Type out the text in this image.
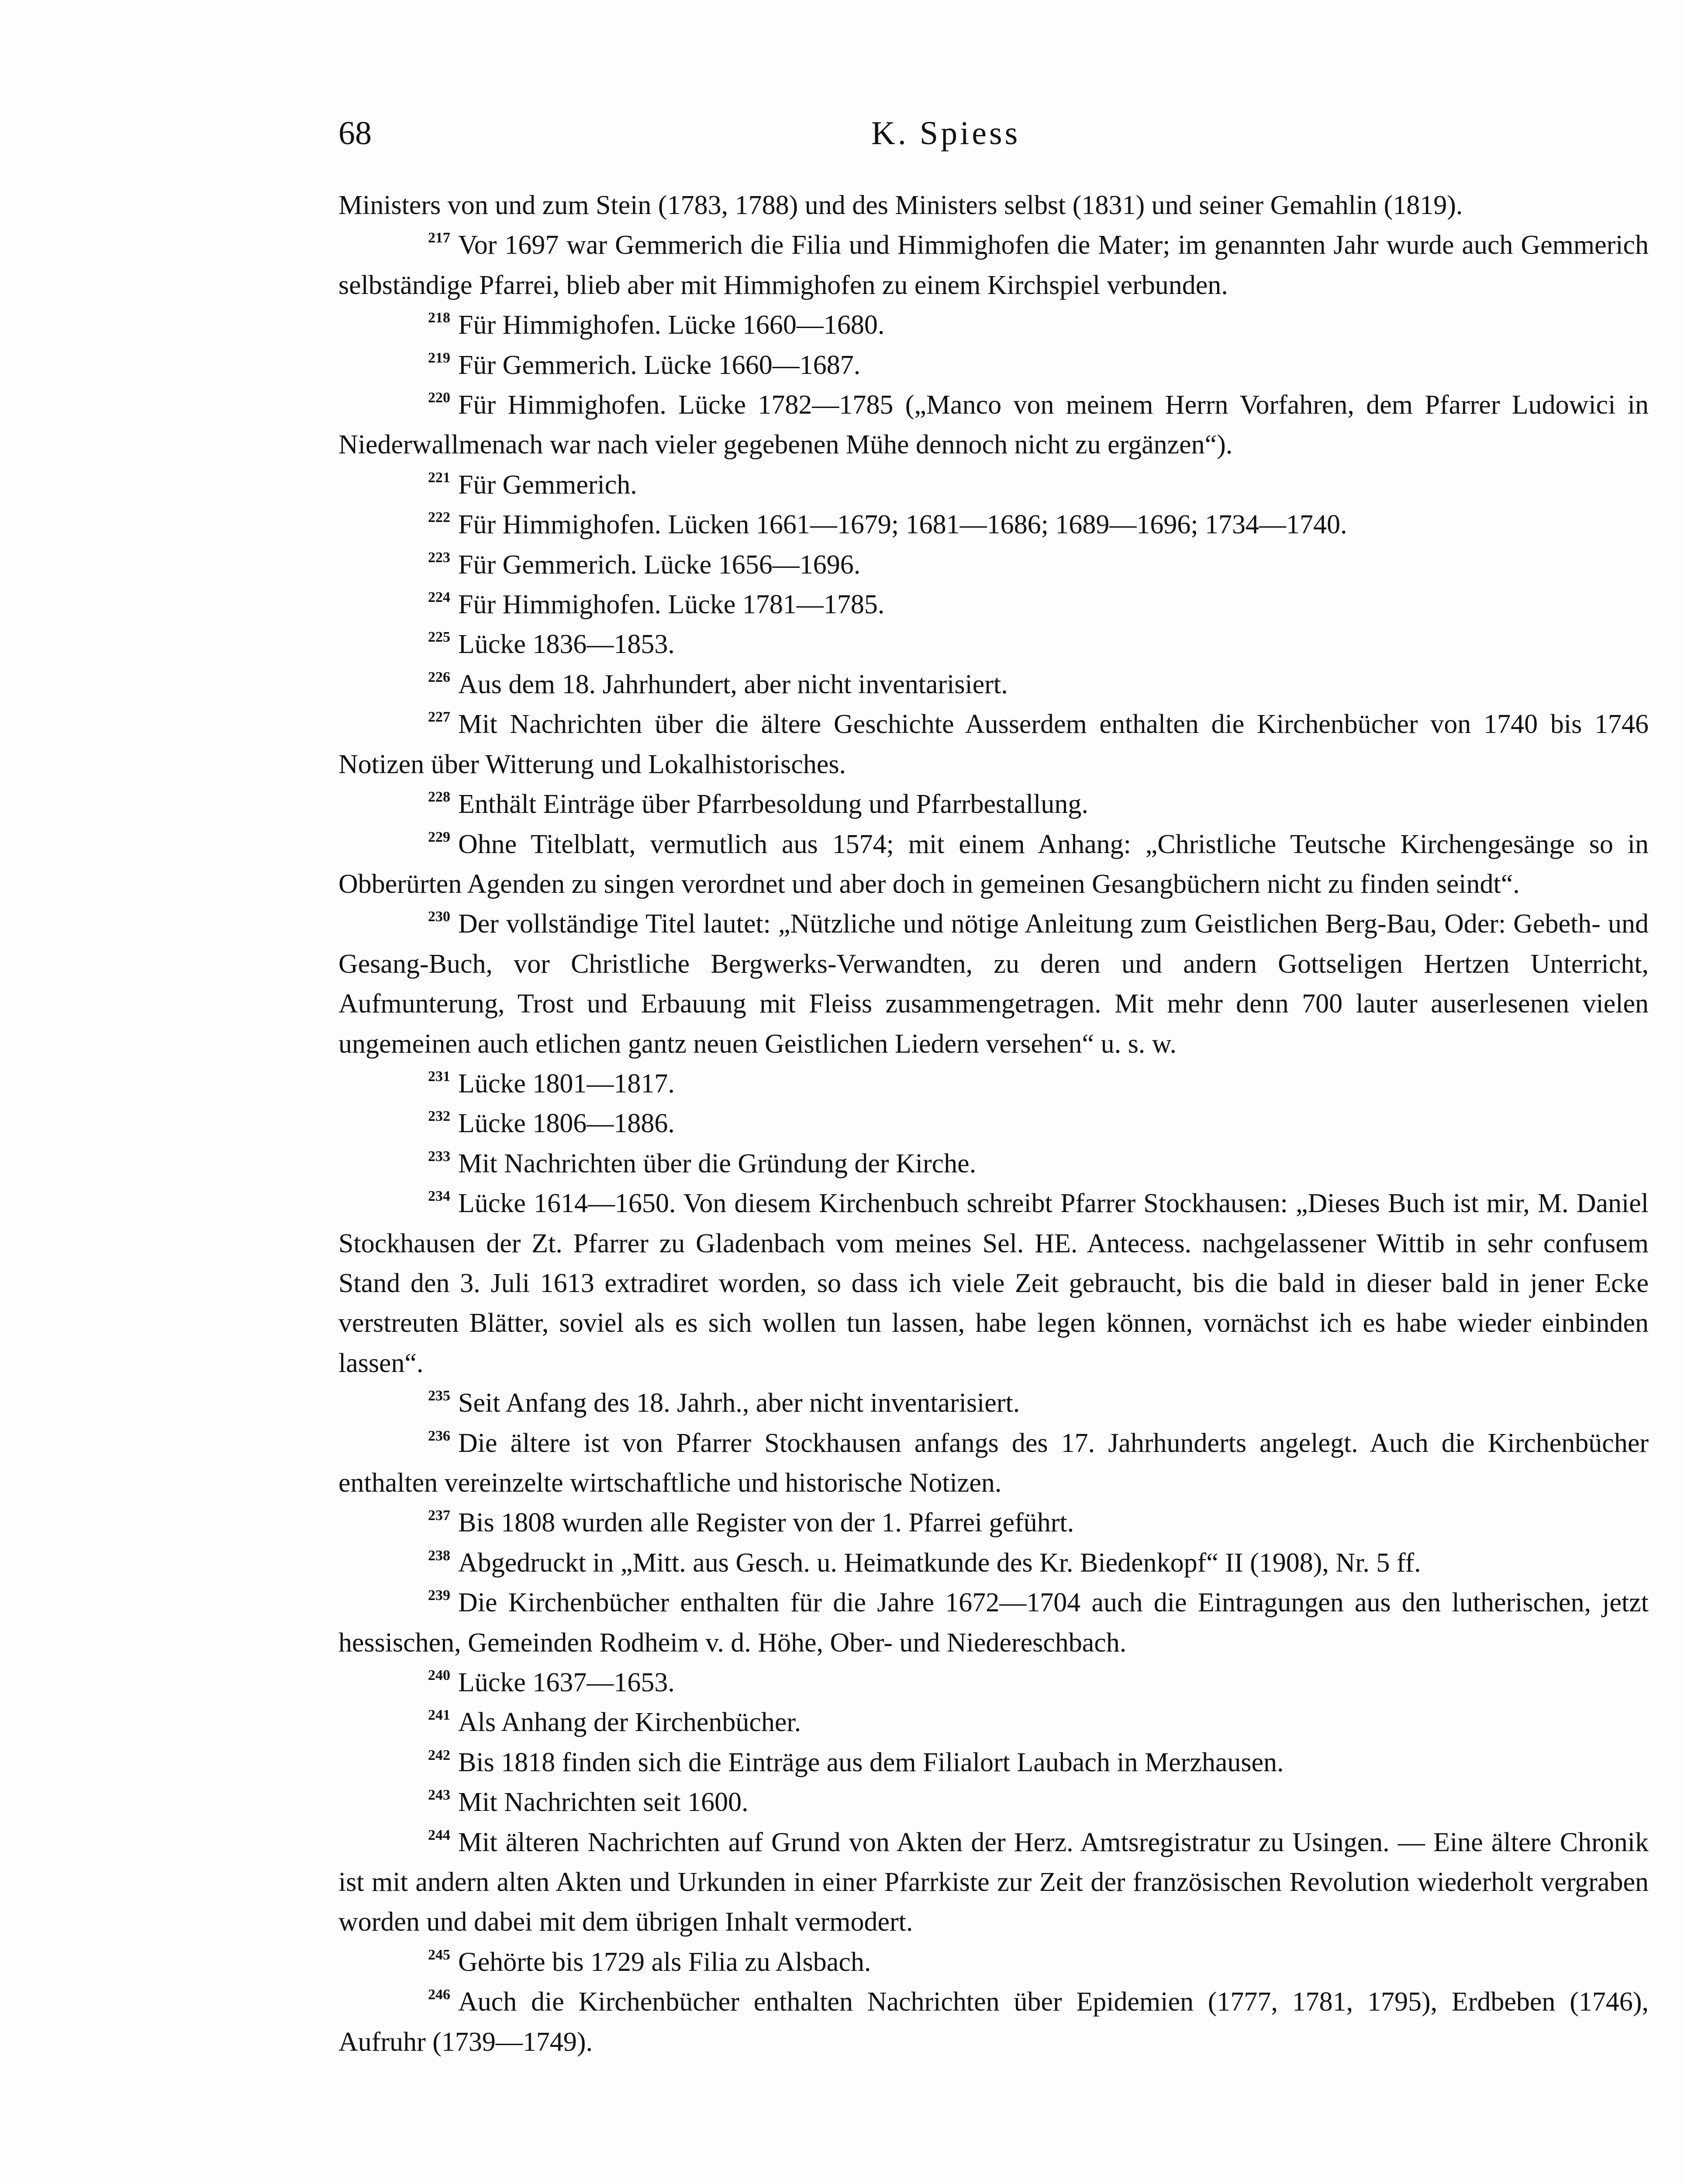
68	K. Spiess

Ministers von und zum Stein (1783, 1788) und des Ministers selbst (1831) und seiner Gemahlin (1819).

$^{217}$ Vor 1697 war Gemmerich die Filia und Himmighofen die Mater; im genannten Jahr wurde auch Gemmerich selbständige Pfarrei, blieb aber mit Himmighofen zu einem Kirchspiel verbunden.

$^{218}$ Für Himmighofen. Lücke 1660—1680.

$^{219}$ Für Gemmerich. Lücke 1660—1687.

$^{220}$ Für Himmighofen. Lücke 1782—1785 („Manco von meinem Herrn Vorfahren, dem Pfarrer Ludowici in Niederwallmenach war nach vieler gegebenen Mühe dennoch nicht zu ergänzen“).

$^{221}$ Für Gemmerich.

$^{222}$ Für Himmighofen. Lücken 1661—1679; 1681—1686; 1689—1696; 1734—1740.

$^{223}$ Für Gemmerich. Lücke 1656—1696.

$^{224}$ Für Himmighofen. Lücke 1781—1785.

$^{225}$ Lücke 1836—1853.

$^{226}$ Aus dem 18. Jahrhundert, aber nicht inventarisiert.

$^{227}$ Mit Nachrichten über die ältere Geschichte Ausserdem enthalten die Kirchenbücher von 1740 bis 1746 Notizen über Witterung und Lokalhistorisches.

$^{228}$ Enthält Einträge über Pfarrbesoldung und Pfarrbestallung.

$^{229}$ Ohne Titelblatt, vermutlich aus 1574; mit einem Anhang: „Christliche Teutsche Kirchengesänge so in Obberürten Agenden zu singen verordnet und aber doch in gemeinen Gesangbüchern nicht zu finden seindt“.

$^{230}$ Der vollständige Titel lautet: „Nützliche und nötige Anleitung zum Geistlichen Berg-Bau, Oder: Gebeth- und Gesang-Buch, vor Christliche Bergwerks-Verwandten, zu deren und andern Gottseligen Hertzen Unterricht, Aufmunterung, Trost und Erbauung mit Fleiss zusammengetragen. Mit mehr denn 700 lauter auserlesenen vielen ungemeinen auch etlichen gantz neuen Geistlichen Liedern versehen“ u. s. w.

$^{231}$ Lücke 1801—1817.

$^{232}$ Lücke 1806—1886.

$^{233}$ Mit Nachrichten über die Gründung der Kirche.

$^{234}$ Lücke 1614—1650. Von diesem Kirchenbuch schreibt Pfarrer Stockhausen: „Dieses Buch ist mir, M. Daniel Stockhausen der Zt. Pfarrer zu Gladenbach vom meines Sel. HE. Antecess. nachgelassener Wittib in sehr confusem Stand den 3. Juli 1613 extradiret worden, so dass ich viele Zeit gebraucht, bis die bald in dieser bald in jener Ecke verstreuten Blätter, soviel als es sich wollen tun lassen, habe legen können, vornächst ich es habe wieder einbinden lassen“.

$^{235}$ Seit Anfang des 18. Jahrh., aber nicht inventarisiert.

$^{236}$ Die ältere ist von Pfarrer Stockhausen anfangs des 17. Jahrhunderts angelegt. Auch die Kirchenbücher enthalten vereinzelte wirtschaftliche und historische Notizen.

$^{237}$ Bis 1808 wurden alle Register von der 1. Pfarrei geführt.

$^{238}$ Abgedruckt in „Mitt. aus Gesch. u. Heimatkunde des Kr. Biedenkopf“ II (1908), Nr. 5 ff.

$^{239}$ Die Kirchenbücher enthalten für die Jahre 1672—1704 auch die Eintragungen aus den lutherischen, jetzt hessischen, Gemeinden Rodheim v. d. Höhe, Ober- und Niedereschbach.

$^{240}$ Lücke 1637—1653.

$^{241}$ Als Anhang der Kirchenbücher.

$^{242}$ Bis 1818 finden sich die Einträge aus dem Filialort Laubach in Merzhausen.

$^{243}$ Mit Nachrichten seit 1600.

$^{244}$ Mit älteren Nachrichten auf Grund von Akten der Herz. Amtsregistratur zu Usingen. — Eine ältere Chronik ist mit andern alten Akten und Urkunden in einer Pfarrkiste zur Zeit der französischen Revolution wiederholt vergraben worden und dabei mit dem übrigen Inhalt vermodert.

$^{245}$ Gehörte bis 1729 als Filia zu Alsbach.

$^{246}$ Auch die Kirchenbücher enthalten Nachrichten über Epidemien (1777, 1781, 1795), Erdbeben (1746), Aufruhr (1739—1749).
